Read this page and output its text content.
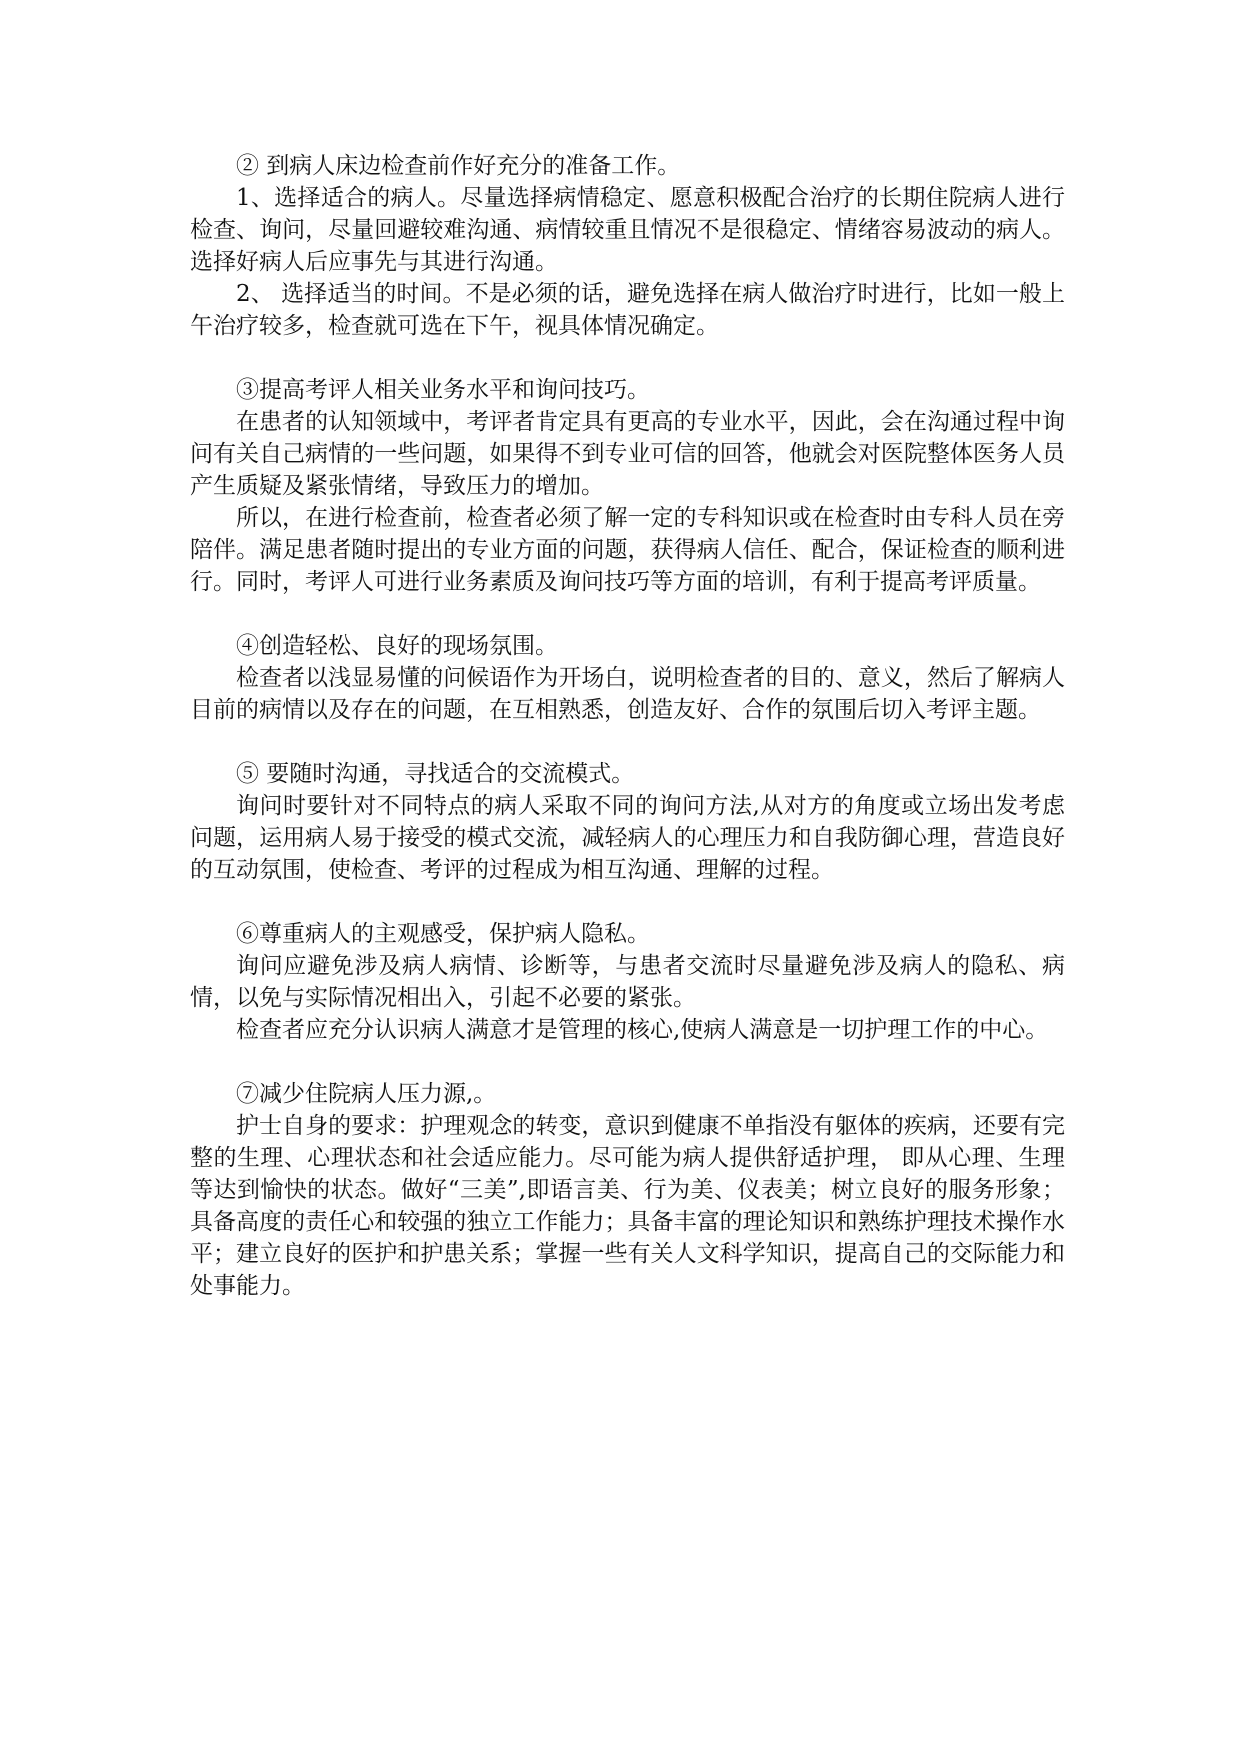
② 到病人床边检查前作好充分的准备工作。

1、选择适合的病人。尽量选择病情稳定、愿意积极配合治疗的长期住院病人进行检查、询问，尽量回避较难沟通、病情较重且情况不是很稳定、情绪容易波动的病人。选择好病人后应事先与其进行沟通。

2、 选择适当的时间。不是必须的话，避免选择在病人做治疗时进行，比如一般上午治疗较多，检查就可选在下午，视具体情况确定。

③提高考评人相关业务水平和询问技巧。

在患者的认知领域中，考评者肯定具有更高的专业水平，因此，会在沟通过程中询问有关自己病情的一些问题，如果得不到专业可信的回答，他就会对医院整体医务人员产生质疑及紧张情绪，导致压力的增加。

所以，在进行检查前，检查者必须了解一定的专科知识或在检查时由专科人员在旁陪伴。满足患者随时提出的专业方面的问题，获得病人信任、配合，保证检查的顺利进行。同时，考评人可进行业务素质及询问技巧等方面的培训，有利于提高考评质量。

④创造轻松、良好的现场氛围。

检查者以浅显易懂的问候语作为开场白，说明检查者的目的、意义，然后了解病人目前的病情以及存在的问题，在互相熟悉，创造友好、合作的氛围后切入考评主题。

⑤ 要随时沟通，寻找适合的交流模式。

询问时要针对不同特点的病人采取不同的询问方法,从对方的角度或立场出发考虑问题，运用病人易于接受的模式交流，减轻病人的心理压力和自我防御心理，营造良好的互动氛围，使检查、考评的过程成为相互沟通、理解的过程。

⑥尊重病人的主观感受，保护病人隐私。

询问应避免涉及病人病情、诊断等，与患者交流时尽量避免涉及病人的隐私、病情，以免与实际情况相出入，引起不必要的紧张。

检查者应充分认识病人满意才是管理的核心,使病人满意是一切护理工作的中心。

⑦减少住院病人压力源,。

护士自身的要求：护理观念的转变，意识到健康不单指没有躯体的疾病，还要有完整的生理、心理状态和社会适应能力。尽可能为病人提供舒适护理， 即从心理、生理等达到愉快的状态。做好“三美”,即语言美、行为美、仪表美；树立良好的服务形象；具备高度的责任心和较强的独立工作能力；具备丰富的理论知识和熟练护理技术操作水平；建立良好的医护和护患关系；掌握一些有关人文科学知识，提高自己的交际能力和处事能力。
